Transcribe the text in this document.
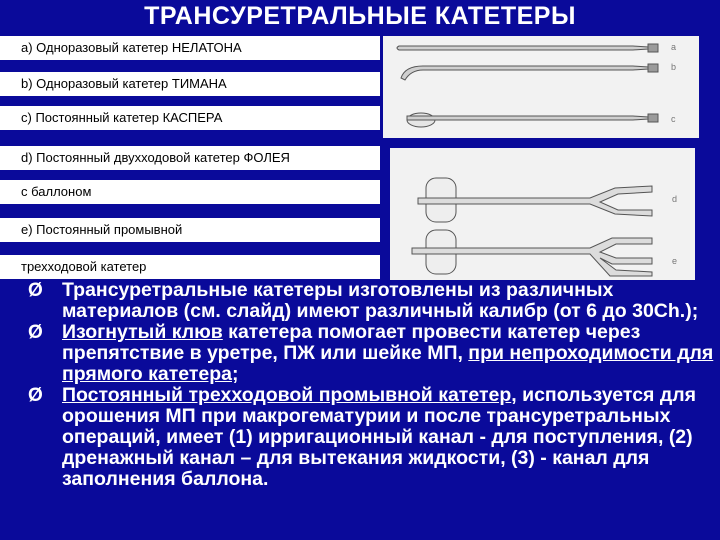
ТРАНСУРЕТРАЛЬНЫЕ КАТЕТЕРЫ
a) Одноразовый катетер НЕЛАТОНА
b) Одноразовый катетер ТИМАНА
c) Постоянный катетер КАСПЕРА
d) Постоянный двухходовой катетер ФОЛЕЯ
с баллоном
e) Постоянный промывной
трехходовой катетер
a
b
c
d
e
Ø Трансуретральные катетеры изготовлены из различных материалов (см. слайд) имеют различный калибр (от 6 до 30Ch.);
Ø Изогнутый клюв катетера помогает провести катетер через препятствие в уретре, ПЖ или шейке МП, при непроходимости для прямого катетера;
Ø Постоянный трехходовой промывной катетер, используется для орошения МП при макрогематурии и после трансуретральных операций, имеет (1) ирригационный канал - для поступления, (2) дренажный канал – для вытекания жидкости, (3) - канал для заполнения баллона.
